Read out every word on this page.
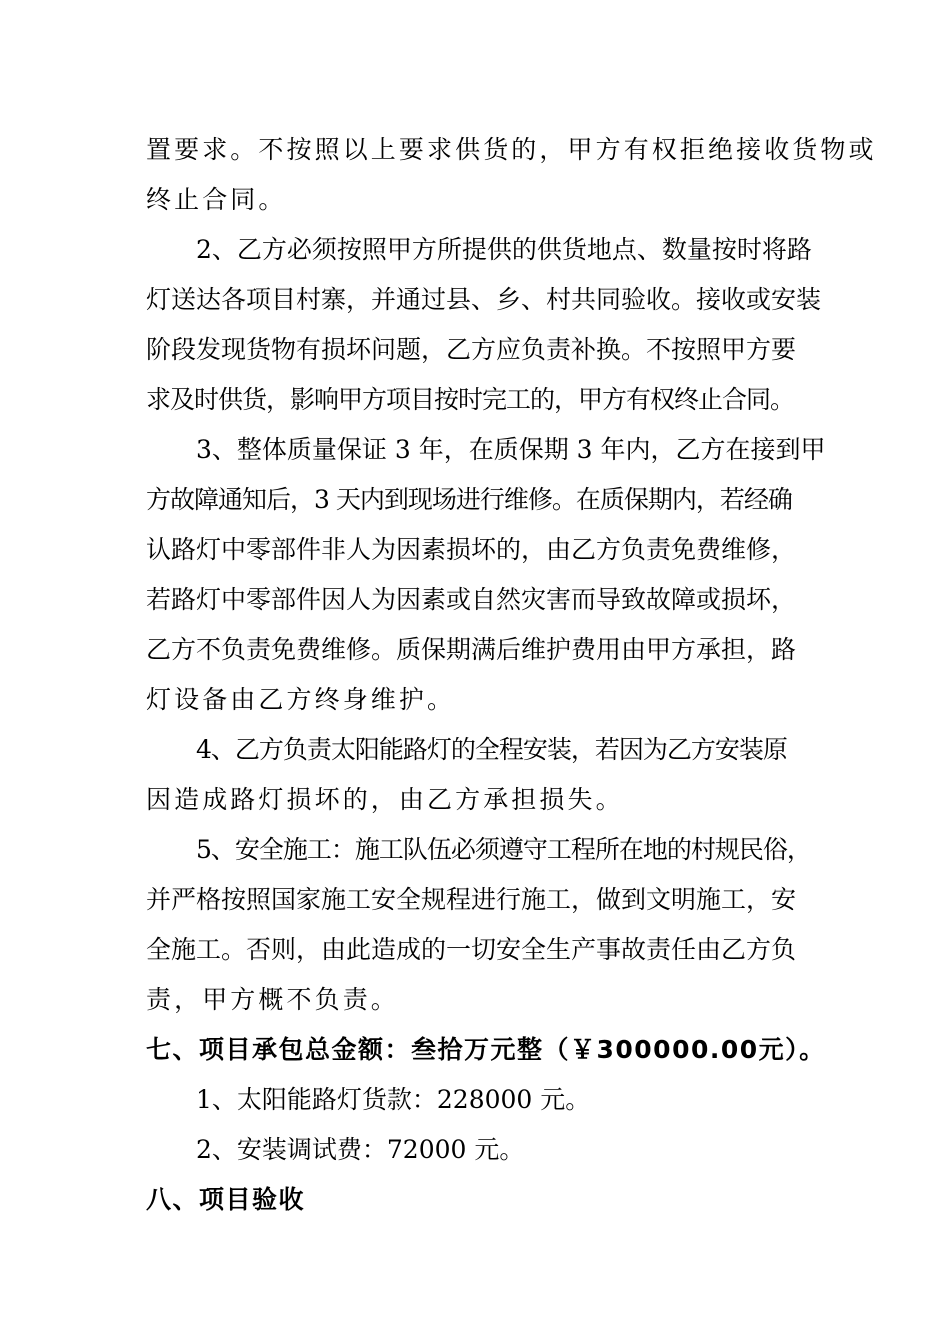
置要求。不按照以上要求供货的，甲方有权拒绝接收货物或
终止合同。
2、乙方必须按照甲方所提供的供货地点、数量按时将路
灯送达各项目村寨，并通过县、乡、村共同验收。接收或安装
阶段发现货物有损坏问题，乙方应负责补换。不按照甲方要
求及时供货，影响甲方项目按时完工的，甲方有权终止合同。
3、整体质量保证 3 年，在质保期 3 年内，乙方在接到甲
方故障通知后，3 天内到现场进行维修。在质保期内，若经确
认路灯中零部件非人为因素损坏的，由乙方负责免费维修，
若路灯中零部件因人为因素或自然灾害而导致故障或损坏，
乙方不负责免费维修。质保期满后维护费用由甲方承担，路
灯设备由乙方终身维护。
4、乙方负责太阳能路灯的全程安装，若因为乙方安装原
因造成路灯损坏的，由乙方承担损失。
5、安全施工：施工队伍必须遵守工程所在地的村规民俗，
并严格按照国家施工安全规程进行施工，做到文明施工，安
全施工。否则，由此造成的一切安全生产事故责任由乙方负
责，甲方概不负责。
七、项目承包总金额：叁拾万元整（￥300000.00元）。
1、太阳能路灯货款：228000 元。
2、安装调试费：72000 元。
八、项目验收
